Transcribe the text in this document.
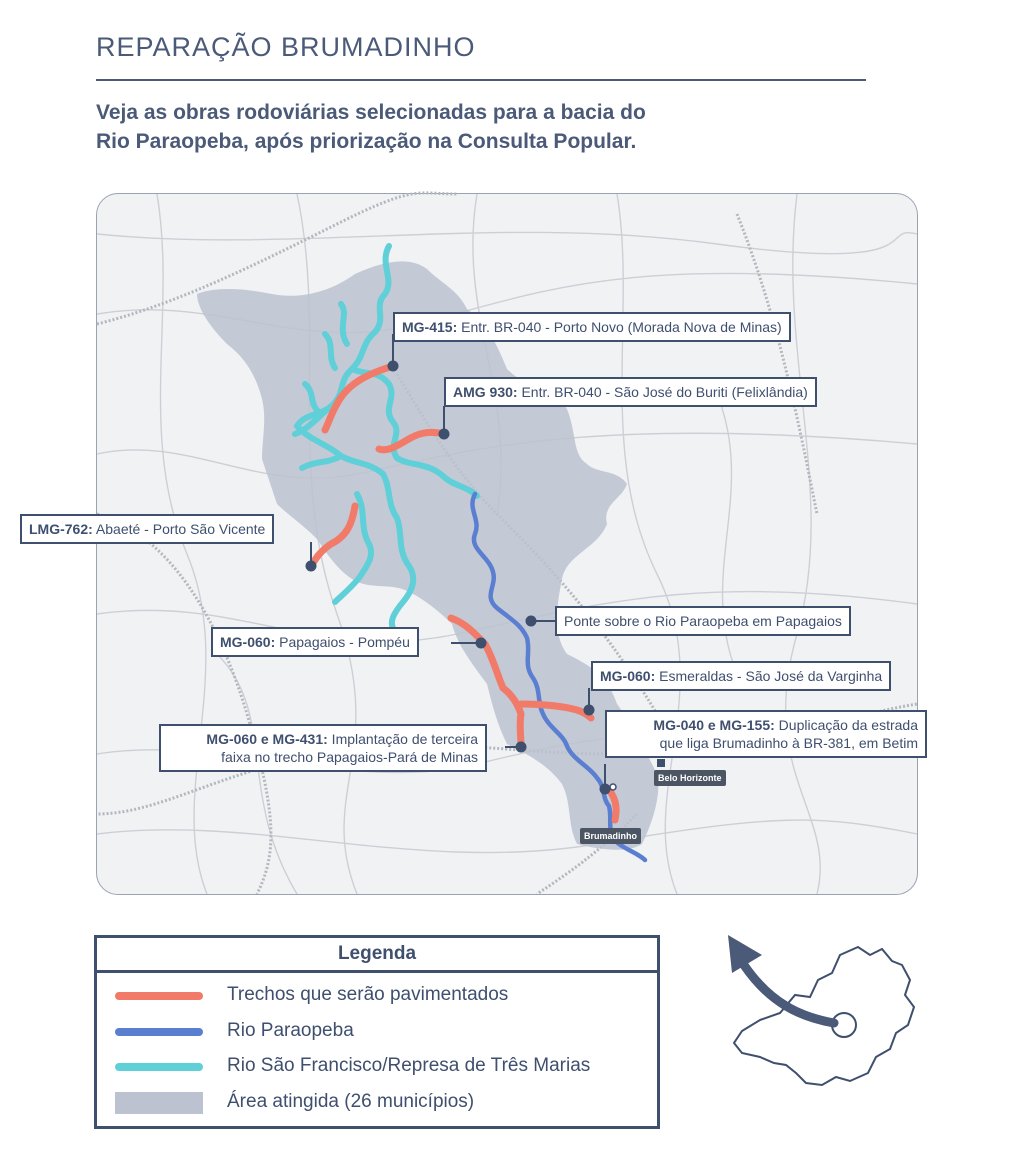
REPARAÇÃO BRUMADINHO
Veja as obras rodoviárias selecionadas para a bacia do
Rio Paraopeba, após priorização na Consulta Popular.
MG-415: Entr. BR-040 - Porto Novo (Morada Nova de Minas)
AMG 930: Entr. BR-040 - São José do Buriti (Felixlândia)
LMG-762: Abaeté - Porto São Vicente
Ponte sobre o Rio Paraopeba em Papagaios
MG-060: Papagaios - Pompéu
MG-060: Esmeraldas - São José da Varginha
MG-040 e MG-155: Duplicação da estrada
que liga Brumadinho à BR-381, em Betim
MG-060 e MG-431: Implantação de terceira
faixa no trecho Papagaios-Pará de Minas
Belo Horizonte
Brumadinho
Legenda
Trechos que serão pavimentados
Rio Paraopeba
Rio São Francisco/Represa de Três Marias
Área atingida (26 municípios)
